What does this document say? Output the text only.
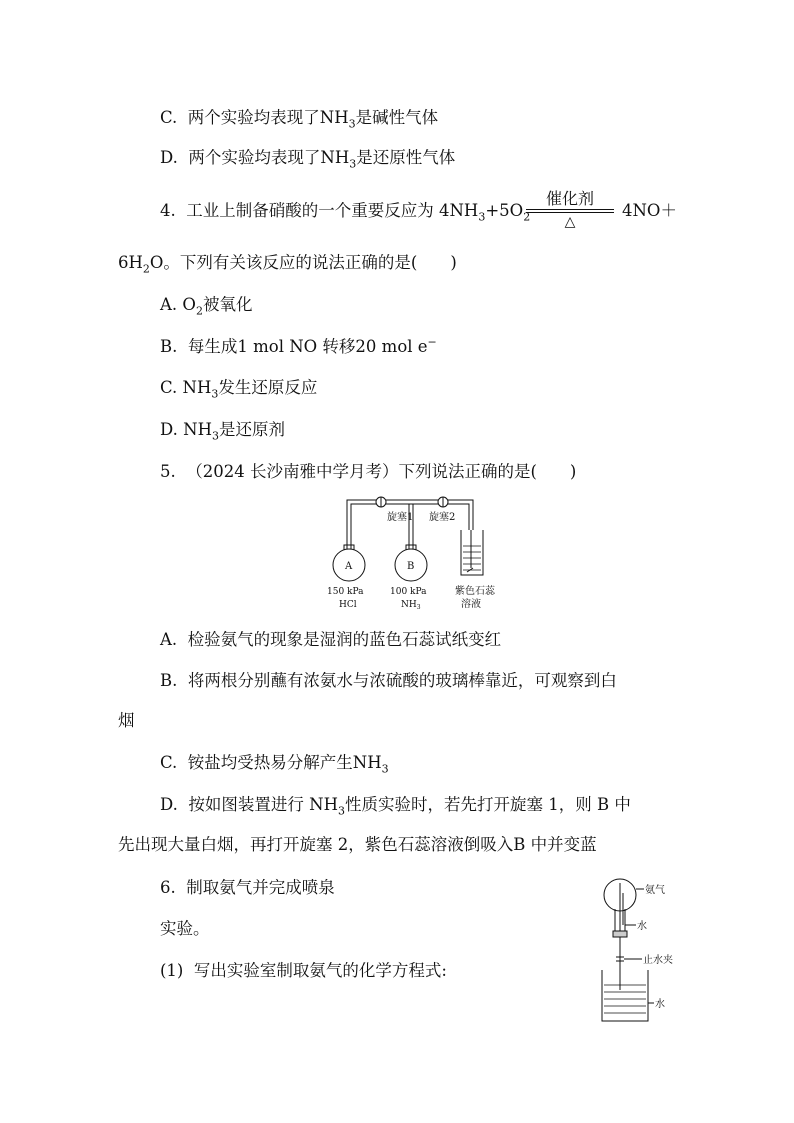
C. 两个实验均表现了$NH_3$是碱性气体
D. 两个实验均表现了$NH_3$是还原性气体
4. 工业上制备硝酸的一个重要反应为 $4NH_3+5O_2$
催化剂
△
4NO＋
$6H_2O$。下列有关该反应的说法正确的是(　　)
A. $O_2$被氧化
B. 每生成1 mol NO 转移20 mol e−
C. $NH_3$发生还原反应
D. $NH_3$是还原剂
5. （2024 长沙南雅中学月考）下列说法正确的是(　　)
旋塞1 旋塞2
A	B
150 kPa
HCl
100 kPa
$NH_3$
紫色石蕊
溶液
A. 检验氨气的现象是湿润的蓝色石蕊试纸变红
B. 将两根分别蘸有浓氨水与浓硫酸的玻璃棒靠近，可观察到白
烟
C. 铵盐均受热易分解产生$NH_3$
D. 按如图装置进行 $NH_3$性质实验时，若先打开旋塞 1，则 B 中
先出现大量白烟，再打开旋塞 2，紫色石蕊溶液倒吸入B 中并变蓝
6. 制取氨气并完成喷泉
实验。
(1) 写出实验室制取氨气的化学方程式:
氨气
水
止水夹
水
